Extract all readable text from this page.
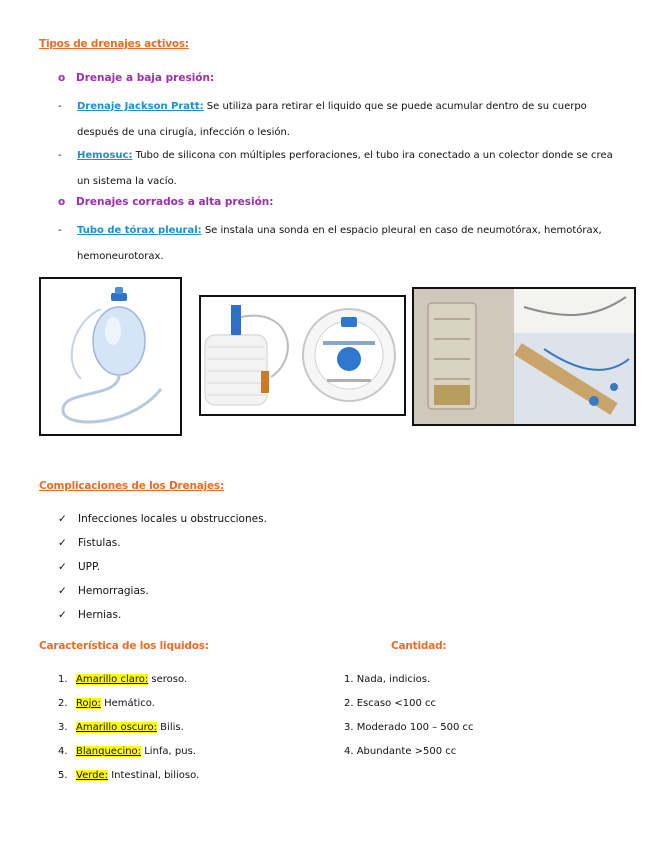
Tipos de drenajes activos:
o Drenaje a baja presión:
- Drenaje Jackson Pratt: Se utiliza para retirar el liquido que se puede acumular dentro de su cuerpo después de una cirugía, infección o lesión.
- Hemosuc: Tubo de silicona con múltiples perforaciones, el tubo ira conectado a un colector donde se crea un sistema la vacío.
o Drenajes corrados a alta presión:
- Tubo de tórax pleural: Se instala una sonda en el espacio pleural en caso de neumotórax, hemotórax, hemoneurotorax.
Complicaciones de los Drenajes:
✓ Infecciones locales u obstrucciones.
✓ Fistulas.
✓ UPP.
✓ Hemorragias.
✓ Hernias.
Característica de los liquidos:	Cantidad:
1. Amarillo claro: seroso.
2. Rojo: Hemático.
3. Amarillo oscuro: Bilis.
4. Blanquecino: Linfa, pus.
5. Verde: Intestinal, bilioso.
1. Nada, indicios.
2. Escaso <100 cc
3. Moderado 100 – 500 cc
4. Abundante >500 cc
